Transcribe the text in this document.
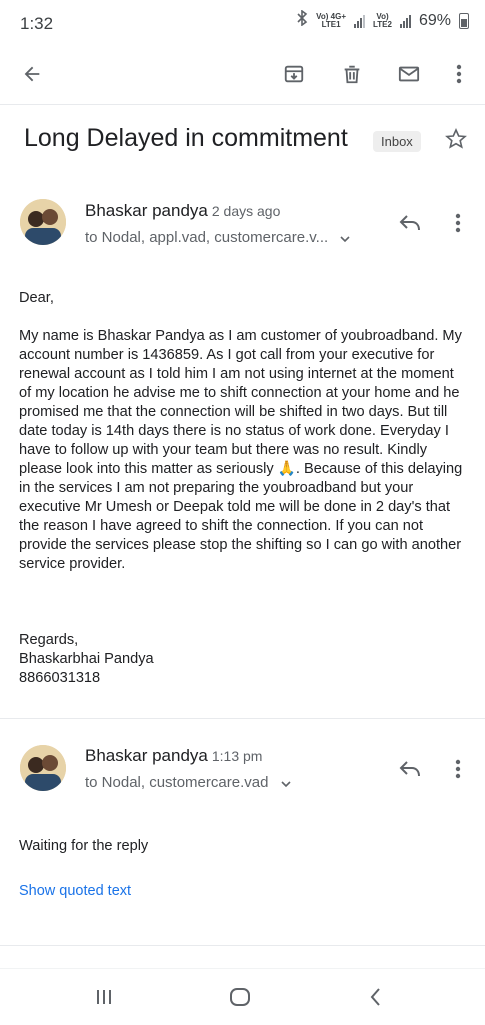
1:32	Vo) 4G+
LTE1
Vo)
LTE2 69%
Long Delayed in commitment	Inbox
Bhaskar pandya 2 days ago
to Nodal, appl.vad, customercare.v...

Dear,

My name is Bhaskar Pandya as I am customer of youbroadband. My account number is 1436859. As I got call from your executive for renewal account as I told him I am not using internet at the moment of my location he advise me to shift connection at your home and he promised me that the connection will be shifted in two days. But till date today is 14th days there is no status of work done. Everyday I have to follow up with your team but there was no result. Kindly please look into this matter as seriously 🙏. Because of this delaying in the services I am not preparing the youbroadband but your executive Mr Umesh or Deepak told me will be done in 2 day's that the reason I have agreed to shift the connection. If you can not provide the services please stop the shifting so I can go with another service provider.

Regards,

Bhaskarbhai Pandya

8866031318

Bhaskar pandya 1:13 pm
to Nodal, customercare.vad

Waiting for the reply

Show quoted text
